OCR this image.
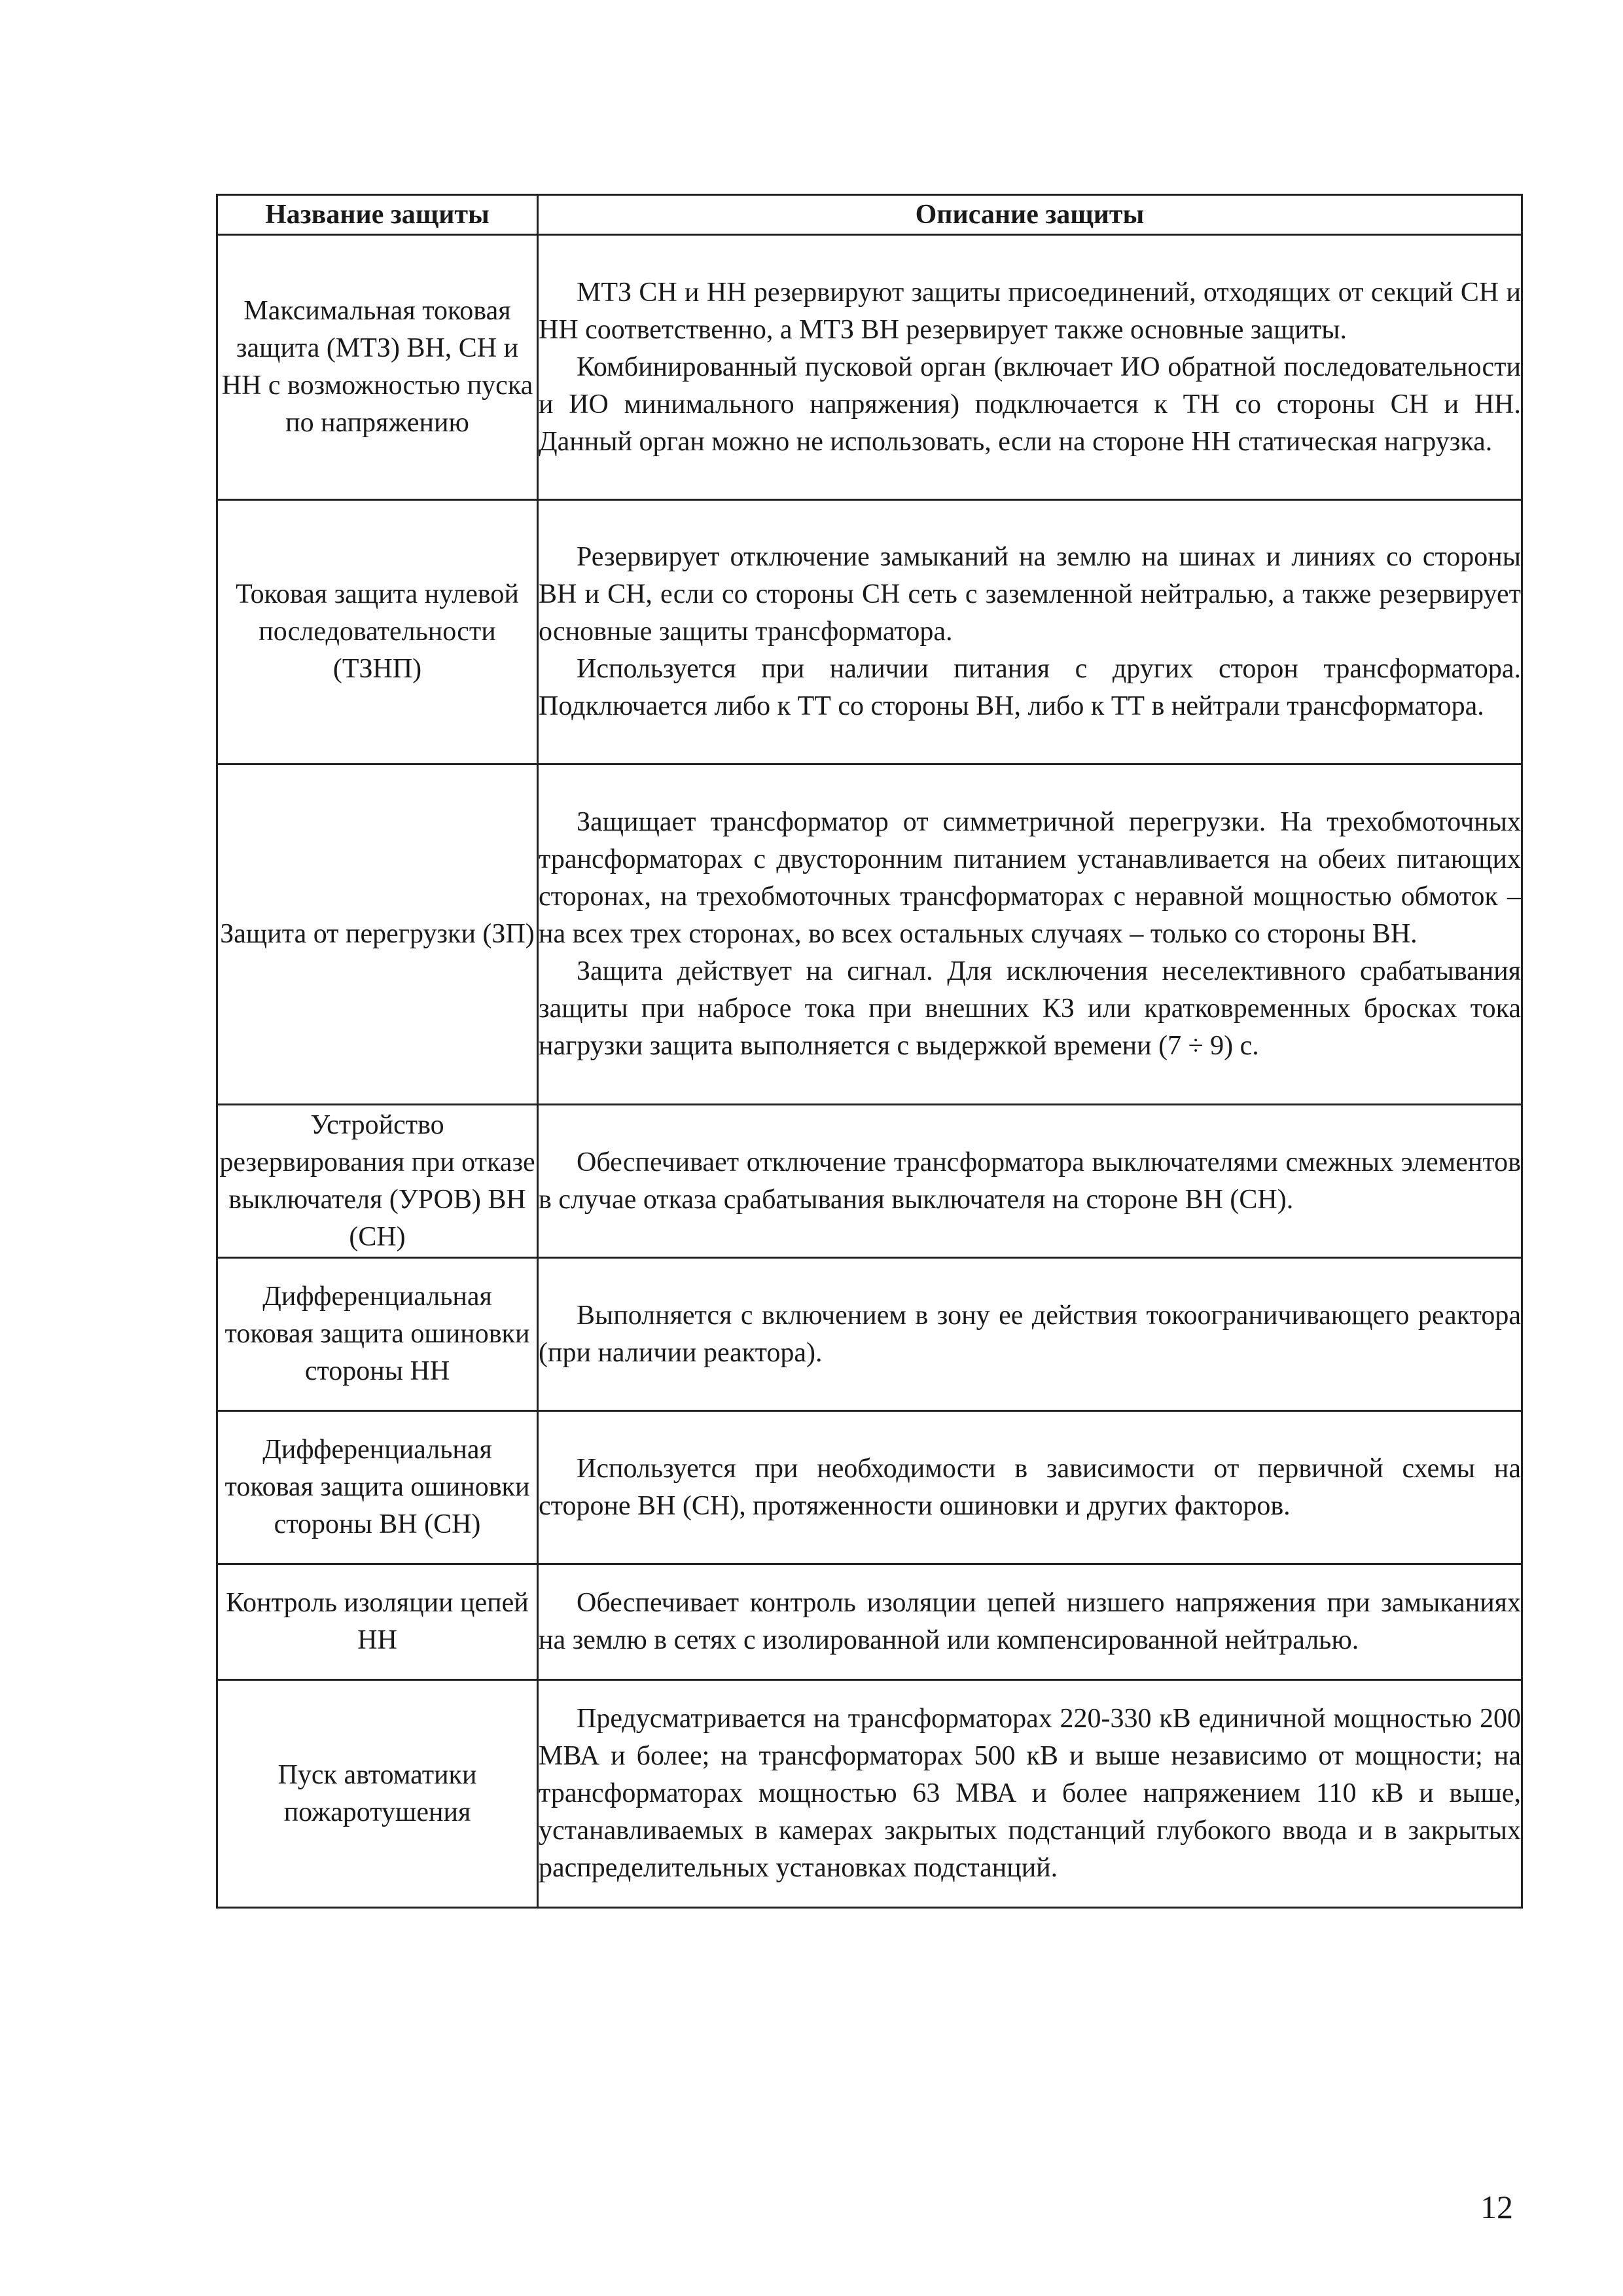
Название защиты	Описание защиты
Максимальная токовая защита (МТЗ) ВН, СН и НН с возможностью пуска по напряжению	МТЗ СН и НН резервируют защиты присоединений, отходящих от секций СН и НН соответственно, а МТЗ ВН резервирует также основные защиты.

Комбинированный пусковой орган (включает ИО обратной последовательности и ИО минимального напряжения) подключается к ТН со стороны СН и НН. Данный орган можно не использовать, если на стороне НН статическая нагрузка.

Токовая защита нулевой последовательности (ТЗНП)	Резервирует отключение замыканий на землю на шинах и линиях со стороны ВН и СН, если со стороны СН сеть с заземленной нейтралью, а также резервирует основные защиты трансформатора.

Используется при наличии питания с других сторон трансформатора. Подключается либо к ТТ со стороны ВН, либо к ТТ в нейтрали трансформатора.

Защита от перегрузки (ЗП)	Защищает трансформатор от симметричной перегрузки. На трехобмоточных трансформаторах с двусторонним питанием устанавливается на обеих питающих сторонах, на трехобмоточных трансформаторах с неравной мощностью обмоток – на всех трех сторонах, во всех остальных случаях – только со стороны ВН.

Защита действует на сигнал. Для исключения неселективного срабатывания защиты при набросе тока при внешних КЗ или кратковременных бросках тока нагрузки защита выполняется с выдержкой времени (7 ÷ 9) с.

Устройство резервирования при отказе выключателя (УРОВ) ВН (СН)	Обеспечивает отключение трансформатора выключателями смежных элементов в случае отказа срабатывания выключателя на стороне ВН (СН).

Дифференциальная токовая защита ошиновки стороны НН	Выполняется с включением в зону ее действия токоограничивающего реактора (при наличии реактора).

Дифференциальная токовая защита ошиновки стороны ВН (СН)	Используется при необходимости в зависимости от первичной схемы на стороне ВН (СН), протяженности ошиновки и других факторов.

Контроль изоляции цепей НН	Обеспечивает контроль изоляции цепей низшего напряжения при замыканиях на землю в сетях с изолированной или компенсированной нейтралью.

Пуск автоматики пожаротушения	Предусматривается на трансформаторах 220-330 кВ единичной мощностью 200 МВА и более; на трансформаторах 500 кВ и выше независимо от мощности; на трансформаторах мощностью 63 МВА и более напряжением 110 кВ и выше, устанавливаемых в камерах закрытых подстанций глубокого ввода и в закрытых распределительных установках подстанций.

12
